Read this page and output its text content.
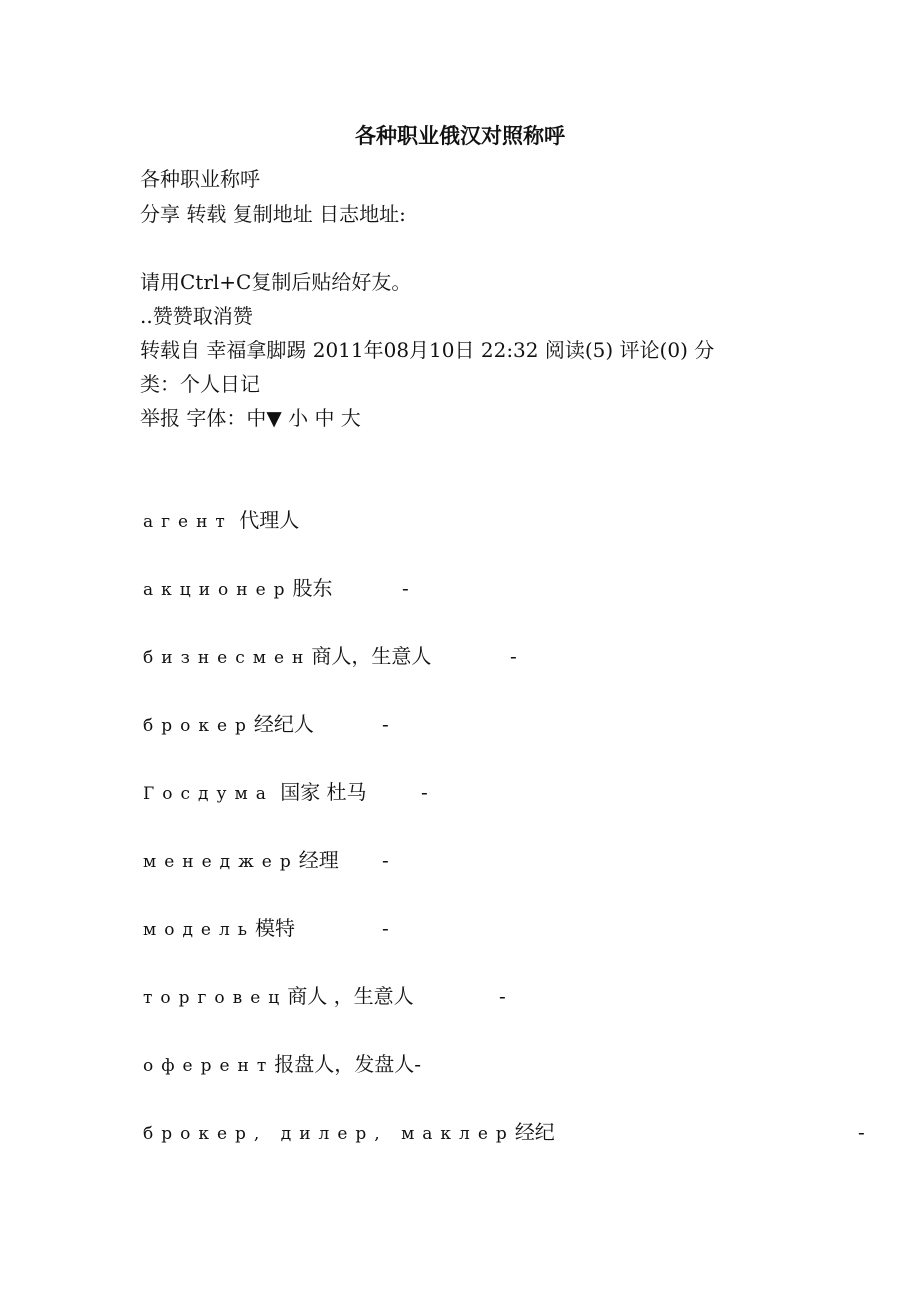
各种职业俄汉对照称呼
各种职业称呼
分享 转载 复制地址 日志地址:
请用Ctrl+C复制后贴给好友。
..赞赞取消赞
转载自 幸福拿脚踢 2011年08月10日 22:32 阅读(5) 评论(0) 分
类：个人日记
举报 字体：中▼ 小 中 大
агент 代理人
акционер股东	-
бизнесмен商人，生意人	-
брокер经纪人	-
Госдума 国家 杜马	-
менеджер经理 -
модель模特	-
торговец商人 ，生意人	-
оферент报盘人，发盘人-
брокер, дилер, маклер经纪	-
